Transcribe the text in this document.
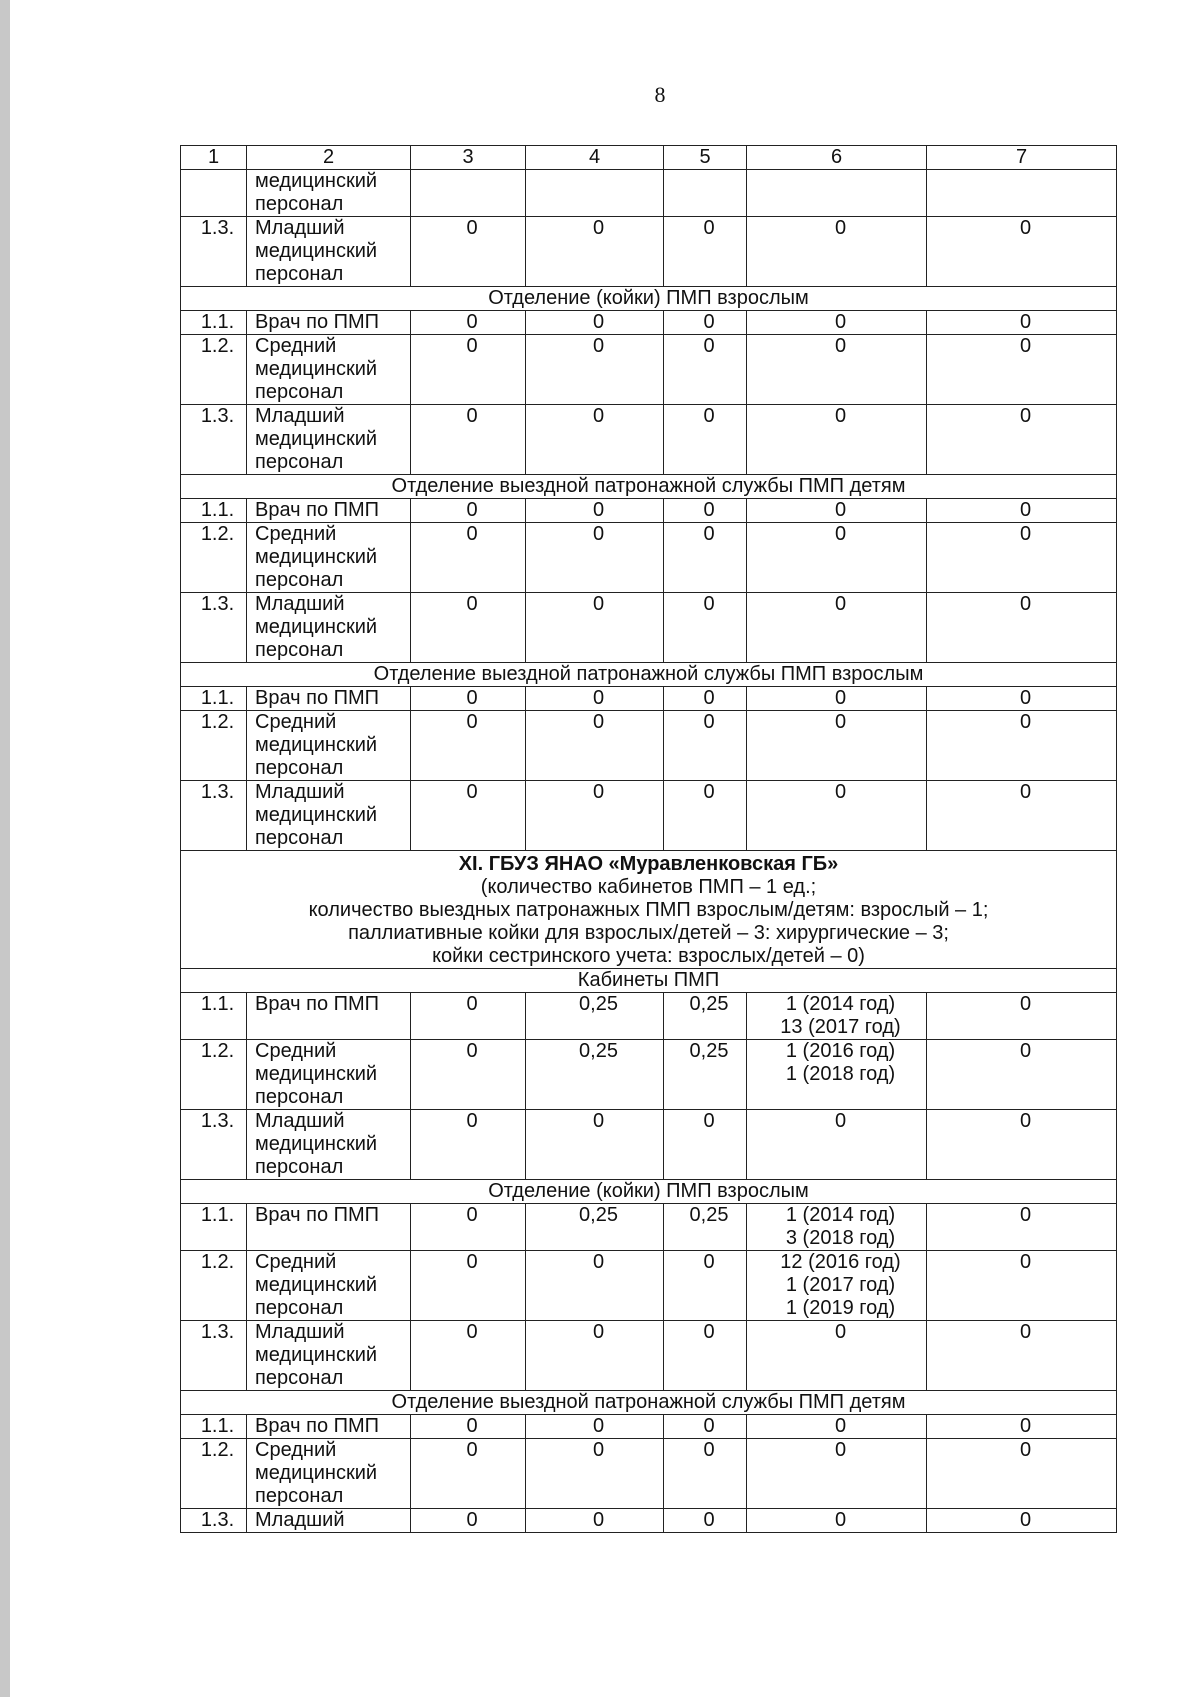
8
1	2	3	4	5	6	7

	медицинский
персонал					

1.3.	Младший
медицинский
персонал	0	0	0	0	0

Отделение (койки) ПМП взрослым						
1.1.	Врач по ПМП	0	0	0	0	0

1.2.	Средний
медицинский
персонал	0	0	0	0	0

1.3.	Младший
медицинский
персонал	0	0	0	0	0

Отделение выездной патронажной службы ПМП детям						
1.1.	Врач по ПМП	0	0	0	0	0

1.2.	Средний
медицинский
персонал	0	0	0	0	0

1.3.	Младший
медицинский
персонал	0	0	0	0	0

Отделение выездной патронажной службы ПМП взрослым						
1.1.	Врач по ПМП	0	0	0	0	0

1.2.	Средний
медицинский
персонал	0	0	0	0	0

1.3.	Младший
медицинский
персонал	0	0	0	0	0

XI. ГБУЗ ЯНАО «Муравленковская ГБ»
(количество кабинетов ПМП – 1 ед.;
количество выездных патронажных ПМП взрослым/детям: взрослый – 1;
паллиативные койки для взрослых/детей – 3: хирургические – 3;
койки сестринского учета: взрослых/детей – 0)						

Кабинеты ПМП						
1.1.	Врач по ПМП	0	0,25	0,25	1 (2014 год)
13 (2017 год)	0

1.2.	Средний
медицинский
персонал	0	0,25	0,25	1 (2016 год)
1 (2018 год)	0

1.3.	Младший
медицинский
персонал	0	0	0	0	0

Отделение (койки) ПМП взрослым						
1.1.	Врач по ПМП	0	0,25	0,25	1 (2014 год)
3 (2018 год)	0

1.2.	Средний
медицинский
персонал	0	0	0	12 (2016 год)
1 (2017 год)
1 (2019 год)	0

1.3.	Младший
медицинский
персонал	0	0	0	0	0

Отделение выездной патронажной службы ПМП детям						
1.1.	Врач по ПМП	0	0	0	0	0

1.2.	Средний
медицинский
персонал	0	0	0	0	0

1.3.	Младший	0	0	0	0	0
